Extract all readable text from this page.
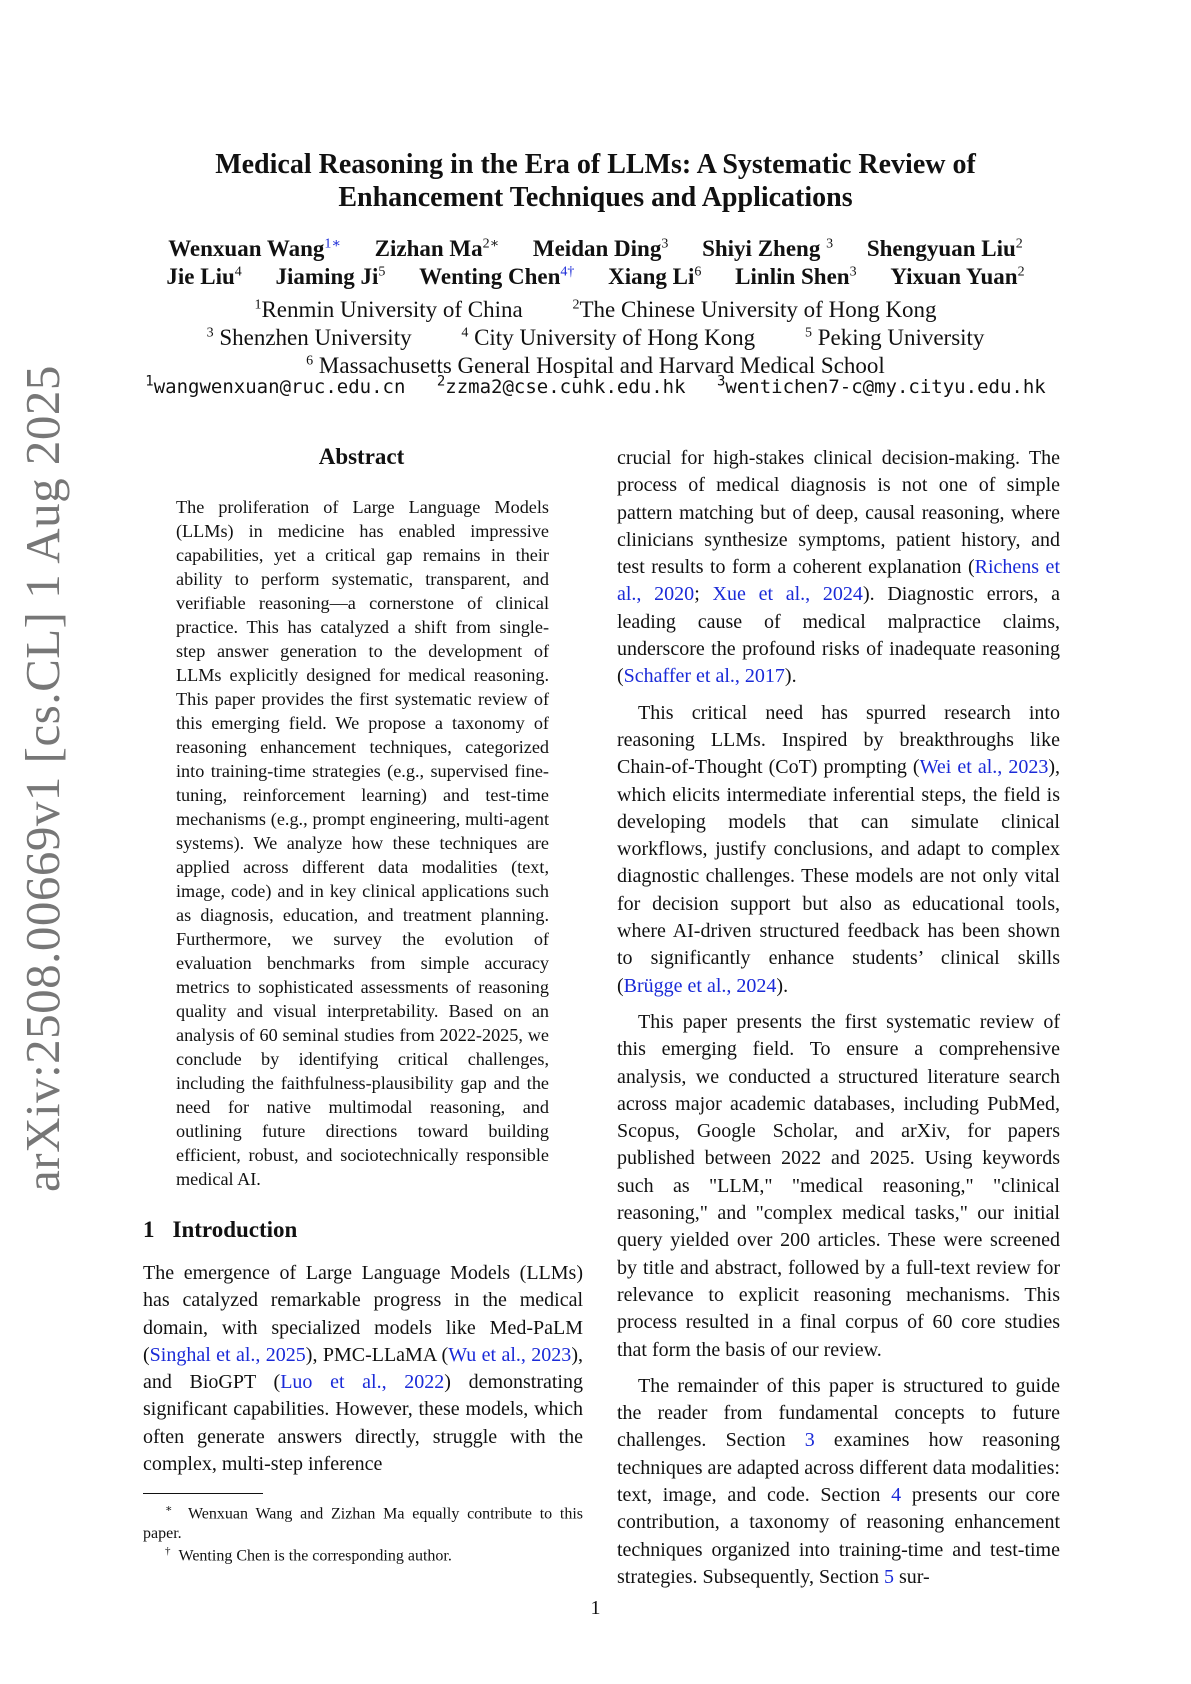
arXiv:2508.00669v1 [cs.CL] 1 Aug 2025
Medical Reasoning in the Era of LLMs: A Systematic Review of
Enhancement Techniques and Applications
Wenxuan Wang$^{1∗}$ Zizhan $Ma^{2∗}$ Meidan Ding$^3$ Shiyi Zheng $^3$ Shengyuan Liu$^2$
Jie Liu$^4$ Jiaming Ji$^5$ Wenting Chen$^{4\dagger}$ Xiang Li$^6$ Linlin Shen$^3$ Yixuan Yuan$^2$
$^1$Renmin University of China	$^2$The Chinese University of Hong Kong
$^3$ Shenzhen University	$^4$ City University of Hong Kong	$^5$ Peking University
$^6$ Massachusetts General Hospital and Harvard Medical School
$^1$wangwenxuan@ruc.edu.cn $^2$zzma2@cse.cuhk.edu.hk $^3$wentichen7-c@my.cityu.edu.hk
Abstract
The proliferation of Large Language Models (LLMs) in medicine has enabled impressive capabilities, yet a critical gap remains in their ability to perform systematic, transparent, and verifiable reasoning—a cornerstone of clinical practice. This has catalyzed a shift from single-step answer generation to the development of LLMs explicitly designed for medical reasoning. This paper provides the first systematic review of this emerging field. We propose a taxonomy of reasoning enhancement techniques, categorized into training-time strategies (e.g., supervised fine-tuning, reinforcement learning) and test-time mechanisms (e.g., prompt engineering, multi-agent systems). We analyze how these techniques are applied across different data modalities (text, image, code) and in key clinical applications such as diagnosis, education, and treatment planning. Furthermore, we survey the evolution of evaluation benchmarks from simple accuracy metrics to sophisticated assessments of reasoning quality and visual interpretability. Based on an analysis of 60 seminal studies from 2022-2025, we conclude by identifying critical challenges, including the faithfulness-plausibility gap and the need for native multimodal reasoning, and outlining future directions toward building efficient, robust, and sociotechnically responsible medical AI.
1 Introduction
The emergence of Large Language Models (LLMs) has catalyzed remarkable progress in the medical domain, with specialized models like Med-PaLM (Singhal et al., 2025), PMC-LLaMA (Wu et al., 2023), and BioGPT (Luo et al., 2022) demonstrating significant capabilities. However, these models, which often generate answers directly, struggle with the complex, multi-step inference

crucial for high-stakes clinical decision-making. The process of medical diagnosis is not one of simple pattern matching but of deep, causal reasoning, where clinicians synthesize symptoms, patient history, and test results to form a coherent explanation (Richens et al., 2020; Xue et al., 2024). Diagnostic errors, a leading cause of medical malpractice claims, underscore the profound risks of inadequate reasoning (Schaffer et al., 2017).

This critical need has spurred research into reasoning LLMs. Inspired by breakthroughs like Chain-of-Thought (CoT) prompting (Wei et al., 2023), which elicits intermediate inferential steps, the field is developing models that can simulate clinical workflows, justify conclusions, and adapt to complex diagnostic challenges. These models are not only vital for decision support but also as educational tools, where AI-driven structured feedback has been shown to significantly enhance students’ clinical skills (Brügge et al., 2024).

This paper presents the first systematic review of this emerging field. To ensure a comprehensive analysis, we conducted a structured literature search across major academic databases, including PubMed, Scopus, Google Scholar, and arXiv, for papers published between 2022 and 2025. Using keywords such as "LLM," "medical reasoning," "clinical reasoning," and "complex medical tasks," our initial query yielded over 200 articles. These were screened by title and abstract, followed by a full-text review for relevance to explicit reasoning mechanisms. This process resulted in a final corpus of 60 core studies that form the basis of our review.

The remainder of this paper is structured to guide the reader from fundamental concepts to future challenges. Section 3 examines how reasoning techniques are adapted across different data modalities: text, image, and code. Section 4 presents our core contribution, a taxonomy of reasoning enhancement techniques organized into training-time and test-time strategies. Subsequently, Section 5 sur-

∗ Wenxuan Wang and Zizhan Ma equally contribute to this paper.
† Wenting Chen is the corresponding author.
1
